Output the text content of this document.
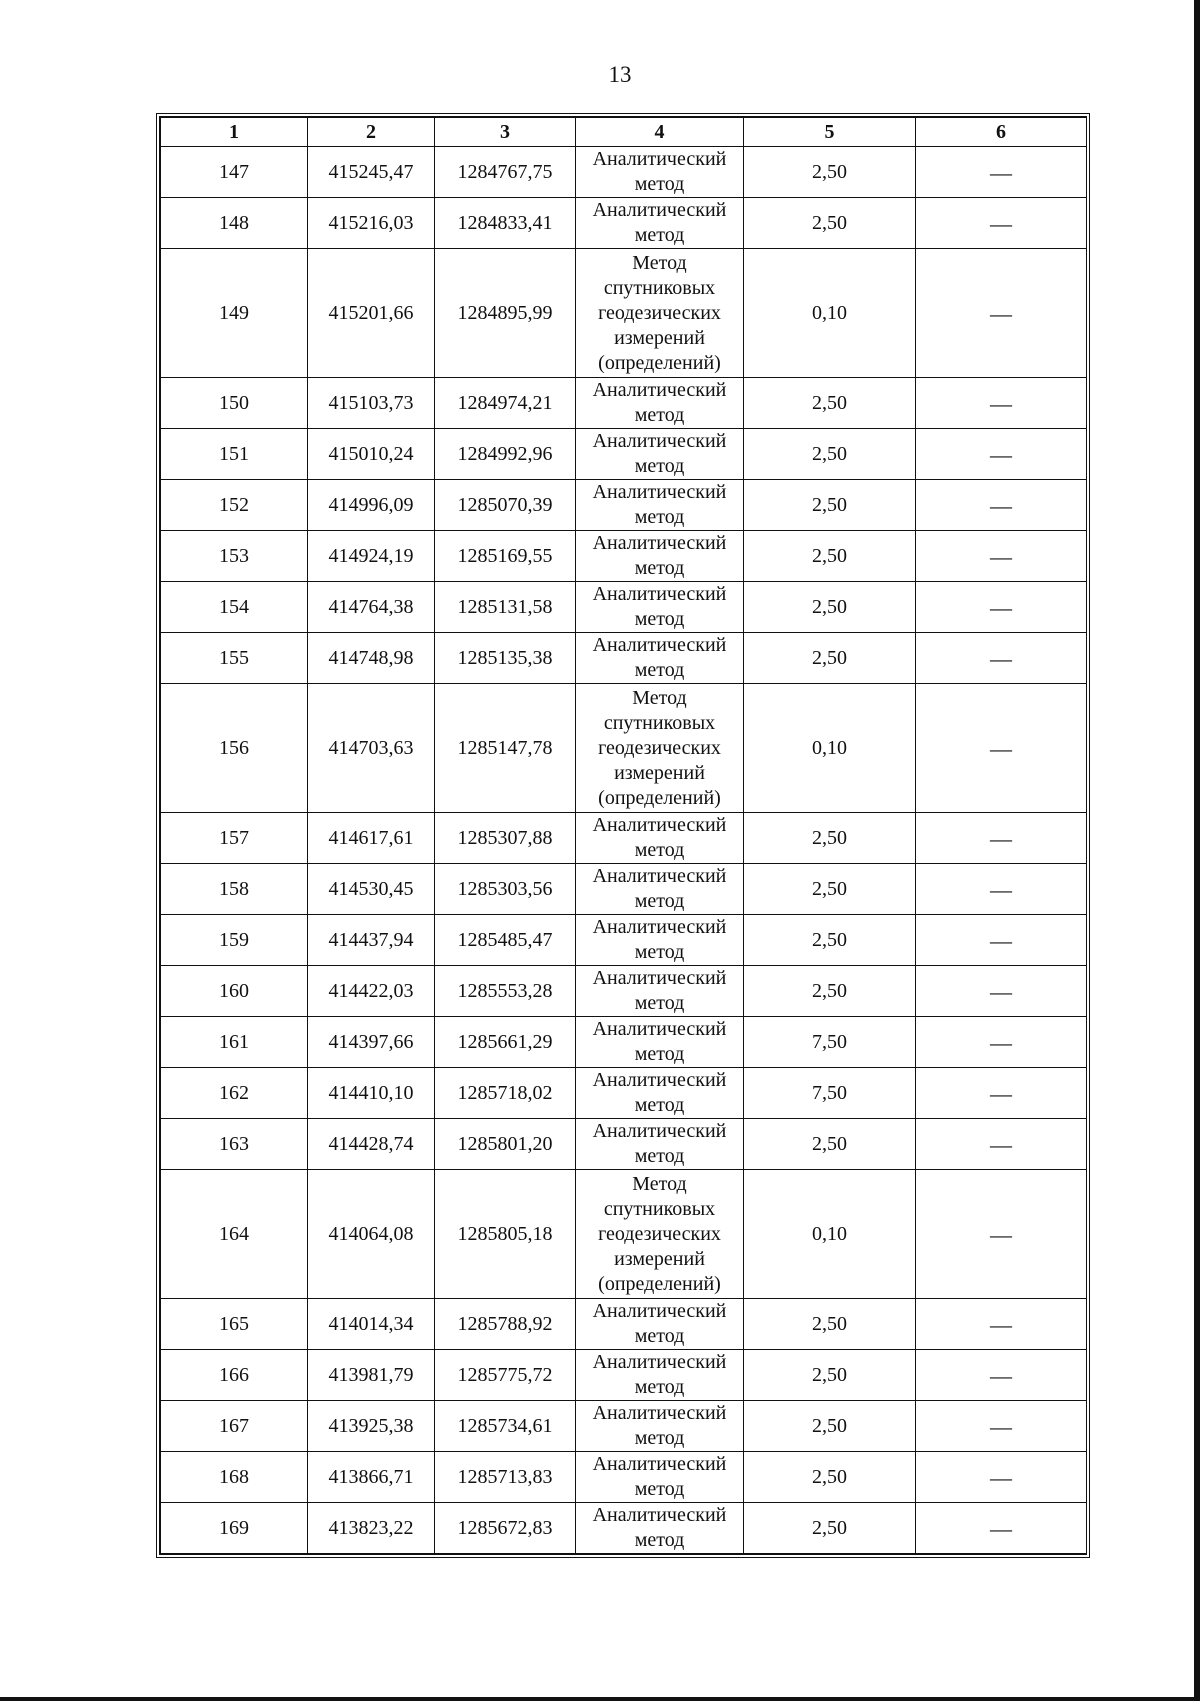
13
1	2	3	4	5	6
147	415245,47	1284767,75	Аналитический
метод	2,50	—
148	415216,03	1284833,41	Аналитический
метод	2,50	—
149	415201,66	1284895,99	Метод
спутниковых
геодезических
измерений
(определений)	0,10	—
150	415103,73	1284974,21	Аналитический
метод	2,50	—
151	415010,24	1284992,96	Аналитический
метод	2,50	—
152	414996,09	1285070,39	Аналитический
метод	2,50	—
153	414924,19	1285169,55	Аналитический
метод	2,50	—
154	414764,38	1285131,58	Аналитический
метод	2,50	—
155	414748,98	1285135,38	Аналитический
метод	2,50	—
156	414703,63	1285147,78	Метод
спутниковых
геодезических
измерений
(определений)	0,10	—
157	414617,61	1285307,88	Аналитический
метод	2,50	—
158	414530,45	1285303,56	Аналитический
метод	2,50	—
159	414437,94	1285485,47	Аналитический
метод	2,50	—
160	414422,03	1285553,28	Аналитический
метод	2,50	—
161	414397,66	1285661,29	Аналитический
метод	7,50	—
162	414410,10	1285718,02	Аналитический
метод	7,50	—
163	414428,74	1285801,20	Аналитический
метод	2,50	—
164	414064,08	1285805,18	Метод
спутниковых
геодезических
измерений
(определений)	0,10	—
165	414014,34	1285788,92	Аналитический
метод	2,50	—
166	413981,79	1285775,72	Аналитический
метод	2,50	—
167	413925,38	1285734,61	Аналитический
метод	2,50	—
168	413866,71	1285713,83	Аналитический
метод	2,50	—
169	413823,22	1285672,83	Аналитический
метод	2,50	—
